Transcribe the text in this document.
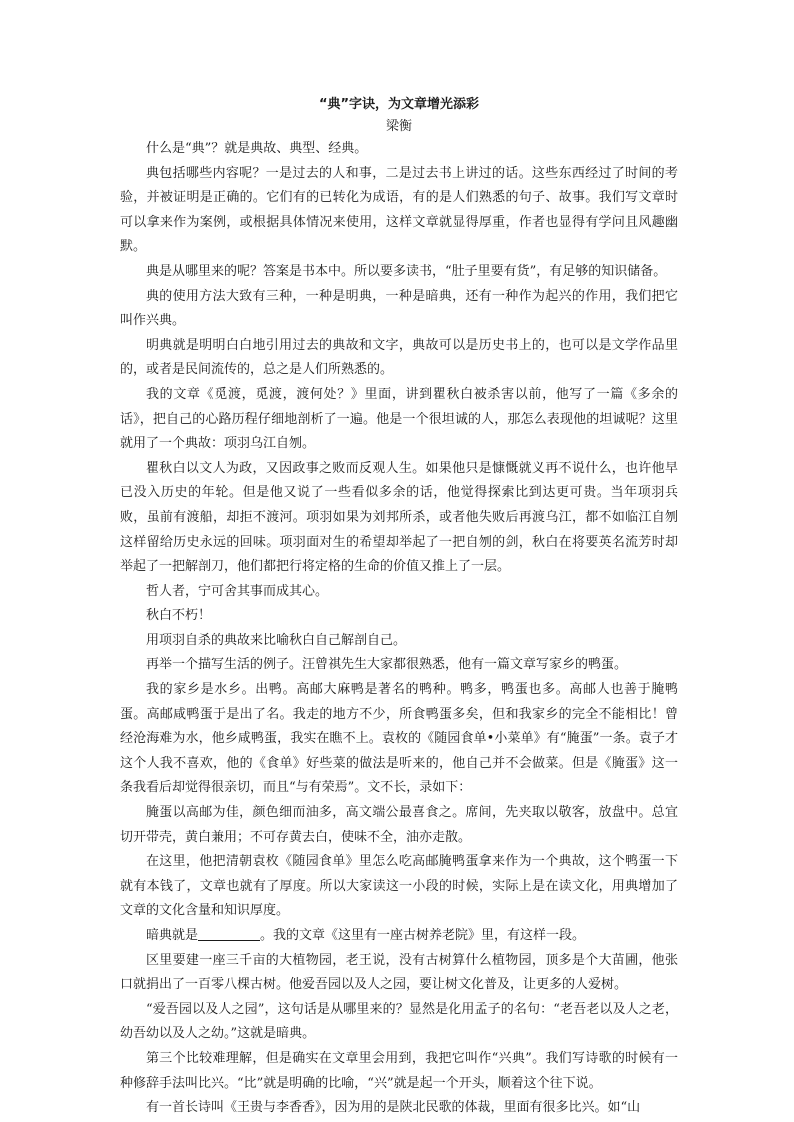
“典”字诀，为文章增光添彩

梁衡

什么是“典”？就是典故、典型、经典。

典包括哪些内容呢？一是过去的人和事，二是过去书上讲过的话。这些东西经过了时间的考验，并被证明是正确的。它们有的已转化为成语，有的是人们熟悉的句子、故事。我们写文章时可以拿来作为案例，或根据具体情况来使用，这样文章就显得厚重，作者也显得有学问且风趣幽默。

典是从哪里来的呢？答案是书本中。所以要多读书，“肚子里要有货”，有足够的知识储备。

典的使用方法大致有三种，一种是明典，一种是暗典，还有一种作为起兴的作用，我们把它叫作兴典。

明典就是明明白白地引用过去的典故和文字，典故可以是历史书上的，也可以是文学作品里的，或者是民间流传的，总之是人们所熟悉的。

我的文章《觅渡，觅渡，渡何处？》里面，讲到瞿秋白被杀害以前，他写了一篇《多余的话》，把自己的心路历程仔细地剖析了一遍。他是一个很坦诚的人，那怎么表现他的坦诚呢？这里就用了一个典故：项羽乌江自刎。

瞿秋白以文人为政，又因政事之败而反观人生。如果他只是慷慨就义再不说什么，也许他早已没入历史的年轮。但是他又说了一些看似多余的话，他觉得探索比到达更可贵。当年项羽兵败，虽前有渡船，却拒不渡河。项羽如果为刘邦所杀，或者他失败后再渡乌江，都不如临江自刎这样留给历史永远的回味。项羽面对生的希望却举起了一把自刎的剑，秋白在将要英名流芳时却举起了一把解剖刀，他们都把行将定格的生命的价值又推上了一层。

哲人者，宁可舍其事而成其心。

秋白不朽！

用项羽自杀的典故来比喻秋白自己解剖自己。

再举一个描写生活的例子。汪曾祺先生大家都很熟悉，他有一篇文章写家乡的鸭蛋。

我的家乡是水乡。出鸭。高邮大麻鸭是著名的鸭种。鸭多，鸭蛋也多。高邮人也善于腌鸭蛋。高邮咸鸭蛋于是出了名。我走的地方不少，所食鸭蛋多矣，但和我家乡的完全不能相比！曾经沧海难为水，他乡咸鸭蛋，我实在瞧不上。袁枚的《随园食单•小菜单》有“腌蛋”一条。袁子才这个人我不喜欢，他的《食单》好些菜的做法是听来的，他自己并不会做菜。但是《腌蛋》这一条我看后却觉得很亲切，而且“与有荣焉”。文不长，录如下：

腌蛋以高邮为佳，颜色细而油多，高文端公最喜食之。席间，先夹取以敬客，放盘中。总宜切开带壳，黄白兼用；不可存黄去白，使味不全，油亦走散。

在这里，他把清朝袁枚《随园食单》里怎么吃高邮腌鸭蛋拿来作为一个典故，这个鸭蛋一下就有本钱了，文章也就有了厚度。所以大家读这一小段的时候，实际上是在读文化，用典增加了文章的文化含量和知识厚度。

暗典就是	。我的文章《这里有一座古树养老院》里，有这样一段。

区里要建一座三千亩的大植物园，老王说，没有古树算什么植物园，顶多是个大苗圃，他张口就捐出了一百零八棵古树。他爱吾园以及人之园，要让树文化普及，让更多的人爱树。

“爱吾园以及人之园”，这句话是从哪里来的？显然是化用孟子的名句：“老吾老以及人之老，幼吾幼以及人之幼。”这就是暗典。

第三个比较难理解，但是确实在文章里会用到，我把它叫作“兴典”。我们写诗歌的时候有一种修辞手法叫比兴。“比”就是明确的比喻，“兴”就是起一个开头，顺着这个往下说。

有一首长诗叫《王贵与李香香》，因为用的是陕北民歌的体裁，里面有很多比兴。如“山
